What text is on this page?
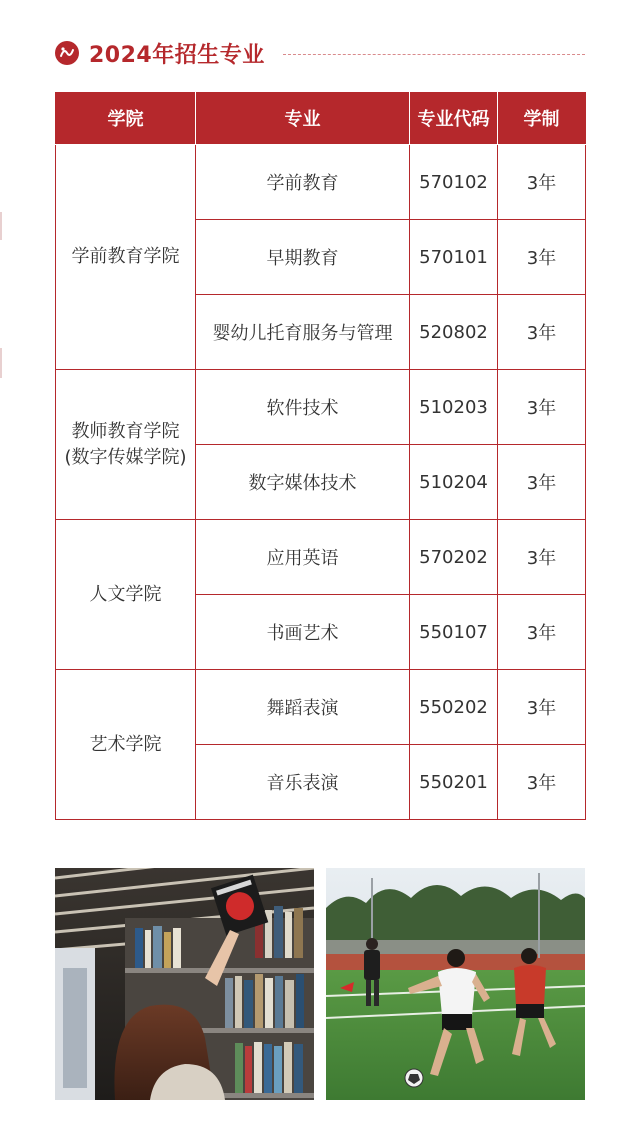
2024年招生专业
学院	专业	专业代码	学制
学前教育学院	学前教育	570102	3年
	早期教育	570101	3年
	婴幼儿托育服务与管理	520802	3年

教师教育学院
(数字传媒学院)	软件技术	510203	3年
	数字媒体技术	510204	3年
人文学院	应用英语	570202	3年
	书画艺术	550107	3年
艺术学院	舞蹈表演	550202	3年
	音乐表演	550201	3年
